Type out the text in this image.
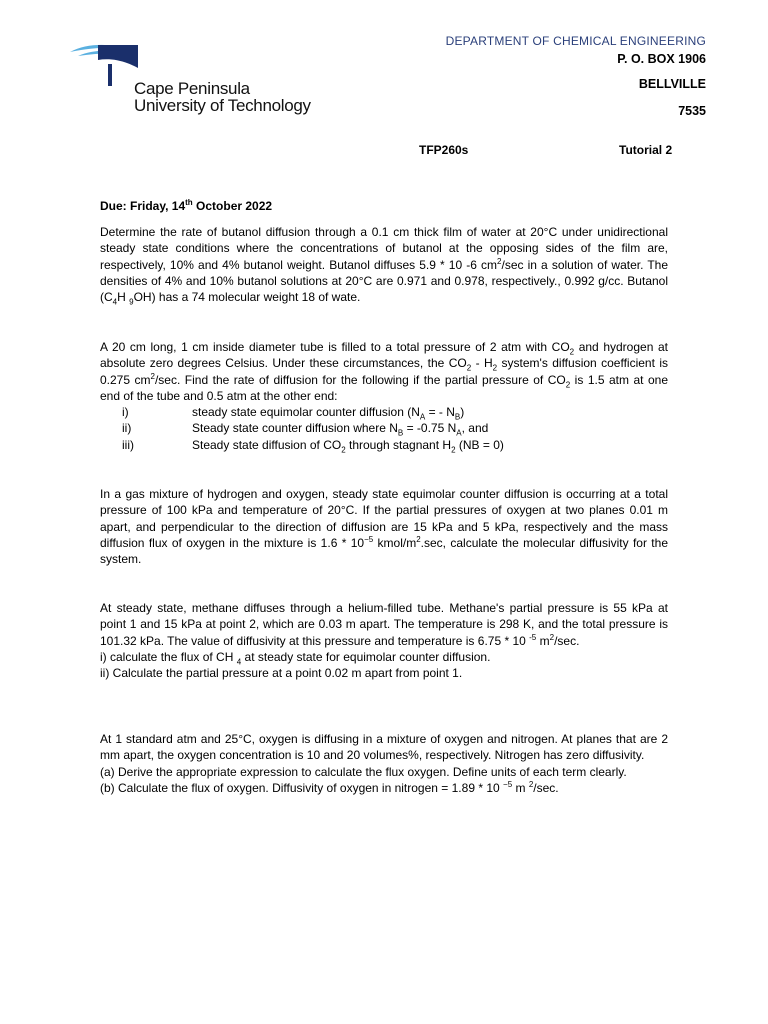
Cape Peninsula
University of Technology
DEPARTMENT OF CHEMICAL ENGINEERING
P. O. BOX 1906
BELLVILLE
7535
TFP260s	Tutorial 2
Due: Friday, 14th October 2022

Determine the rate of butanol diffusion through a 0.1 cm thick film of water at 20°C under unidirectional steady state conditions where the concentrations of butanol at the opposing sides of the film are, respectively, 10% and 4% butanol weight. Butanol diffuses 5.9 * 10 -6 $cm^2/\sec$ in a solution of water. The densities of 4% and 10% butanol solutions at 20°C are 0.971 and 0.978, respectively., 0.992 g/cc. Butanol ($C_4H$ $_9$OH) has a 74 molecular weight 18 of wate.

A 20 cm long, 1 cm inside diameter tube is filled to a total pressure of 2 atm with $CO_2$ and hydrogen at absolute zero degrees Celsius. Under these circumstances, the $CO_2 - H_2$ system's diffusion coefficient is 0.275 $cm^2/\sec$. Find the rate of diffusion for the following if the partial pressure of $CO_2$ is 1.5 atm at one end of the tube and 0.5 atm at the other end:

i)	steady state equimolar counter diffusion ($N_A$ = - $N_B$)
ii)	Steady state counter diffusion where $N_B = -0.75$ $N_A$, and
iii)	Steady state diffusion of $CO_2$ through stagnant $H_2$ (NB = 0)

In a gas mixture of hydrogen and oxygen, steady state equimolar counter diffusion is occurring at a total pressure of 100 kPa and temperature of 20°C. If the partial pressures of oxygen at two planes 0.01 m apart, and perpendicular to the direction of diffusion are 15 kPa and 5 kPa, respectively and the mass diffusion flux of oxygen in the mixture is $1.6 * 10^{-5}$ kmol/$m^2.\sec$, calculate the molecular diffusivity for the system.

At steady state, methane diffuses through a helium-filled tube. Methane's partial pressure is 55 kPa at point 1 and 15 kPa at point 2, which are 0.03 m apart. The temperature is 298 K, and the total pressure is 101.32 kPa. The value of diffusivity at this pressure and temperature is 6.75 * 10 $^{-5}$ $m^2/\sec$.

i) calculate the flux of CH $_4$ at steady state for equimolar counter diffusion.

ii) Calculate the partial pressure at a point 0.02 m apart from point 1.

At 1 standard atm and 25°C, oxygen is diffusing in a mixture of oxygen and nitrogen. At planes that are 2 mm apart, the oxygen concentration is 10 and 20 volumes%, respectively. Nitrogen has zero diffusivity.

(a) Derive the appropriate expression to calculate the flux oxygen. Define units of each term clearly.

(b) Calculate the flux of oxygen. Diffusivity of oxygen in nitrogen = 1.89 * 10 $^{-5}$ m $^2$/sec.
